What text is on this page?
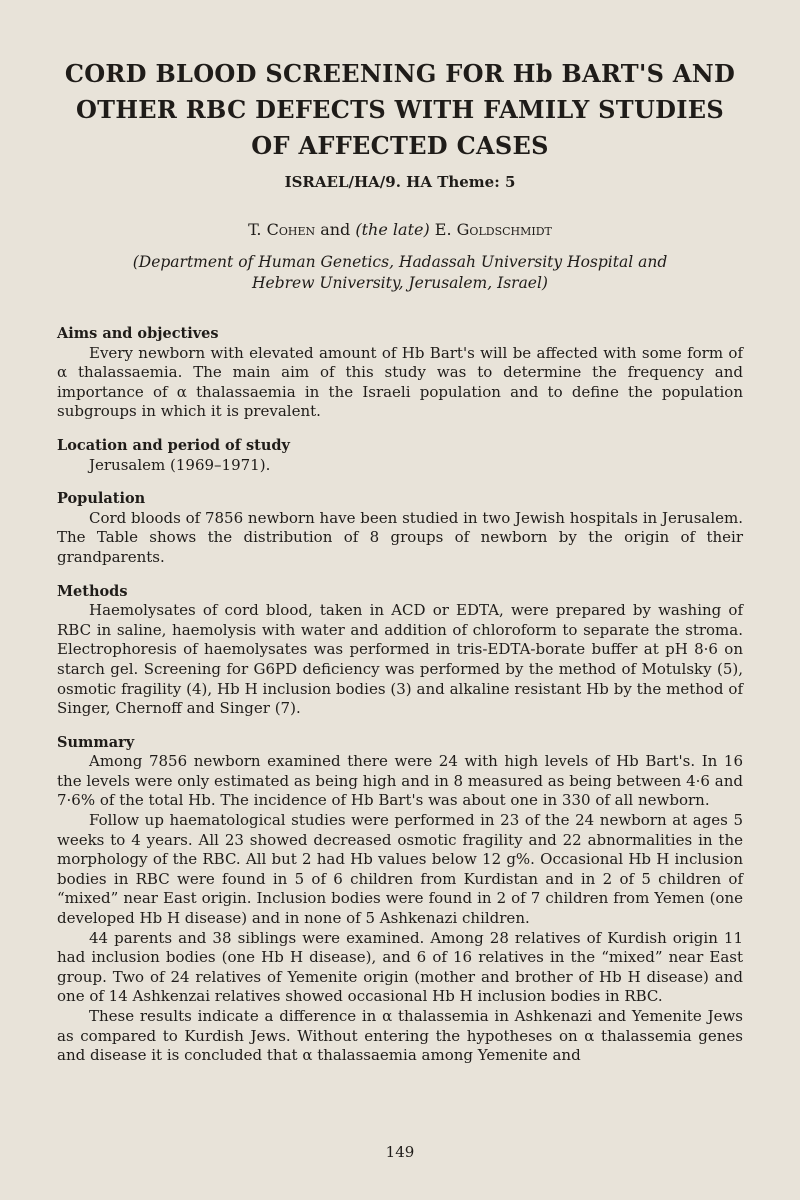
CORD BLOOD SCREENING FOR Hb BART'S AND
OTHER RBC DEFECTS WITH FAMILY STUDIES
OF AFFECTED CASES

ISRAEL/HA/9. HA Theme: 5

T. Cohen and (the late) E. Goldschmidt

(Department of Human Genetics, Hadassah University Hospital and
Hebrew University, Jerusalem, Israel)

Aims and objectives

Every newborn with elevated amount of Hb Bart's will be affected with some form of α thalassaemia. The main aim of this study was to determine the frequency and importance of α thalassaemia in the Israeli population and to define the population subgroups in which it is prevalent.

Location and period of study

Jerusalem (1969–1971).

Population

Cord bloods of 7856 newborn have been studied in two Jewish hospitals in Jerusalem. The Table shows the distribution of 8 groups of newborn by the origin of their grandparents.

Methods

Haemolysates of cord blood, taken in ACD or EDTA, were prepared by washing of RBC in saline, haemolysis with water and addition of chloroform to separate the stroma. Electrophoresis of haemolysates was performed in tris-EDTA-borate buffer at pH 8·6 on starch gel. Screening for G6PD deficiency was performed by the method of Motulsky (5), osmotic fragility (4), Hb H inclusion bodies (3) and alkaline resistant Hb by the method of Singer, Chernoff and Singer (7).

Summary

Among 7856 newborn examined there were 24 with high levels of Hb Bart's. In 16 the levels were only estimated as being high and in 8 measured as being between 4·6 and 7·6% of the total Hb. The incidence of Hb Bart's was about one in 330 of all newborn.

Follow up haematological studies were performed in 23 of the 24 newborn at ages 5 weeks to 4 years. All 23 showed decreased osmotic fragility and 22 abnormalities in the morphology of the RBC. All but 2 had Hb values below 12 g%. Occasional Hb H inclusion bodies in RBC were found in 5 of 6 children from Kurdistan and in 2 of 5 children of “mixed” near East origin. Inclusion bodies were found in 2 of 7 children from Yemen (one developed Hb H disease) and in none of 5 Ashkenazi children.

44 parents and 38 siblings were examined. Among 28 relatives of Kurdish origin 11 had inclusion bodies (one Hb H disease), and 6 of 16 relatives in the “mixed” near East group. Two of 24 relatives of Yemenite origin (mother and brother of Hb H disease) and one of 14 Ashkenzai relatives showed occasional Hb H inclusion bodies in RBC.

These results indicate a difference in α thalassemia in Ashkenazi and Yemenite Jews as compared to Kurdish Jews. Without entering the hypotheses on α thalassemia genes and disease it is concluded that α thalassaemia among Yemenite and

149
